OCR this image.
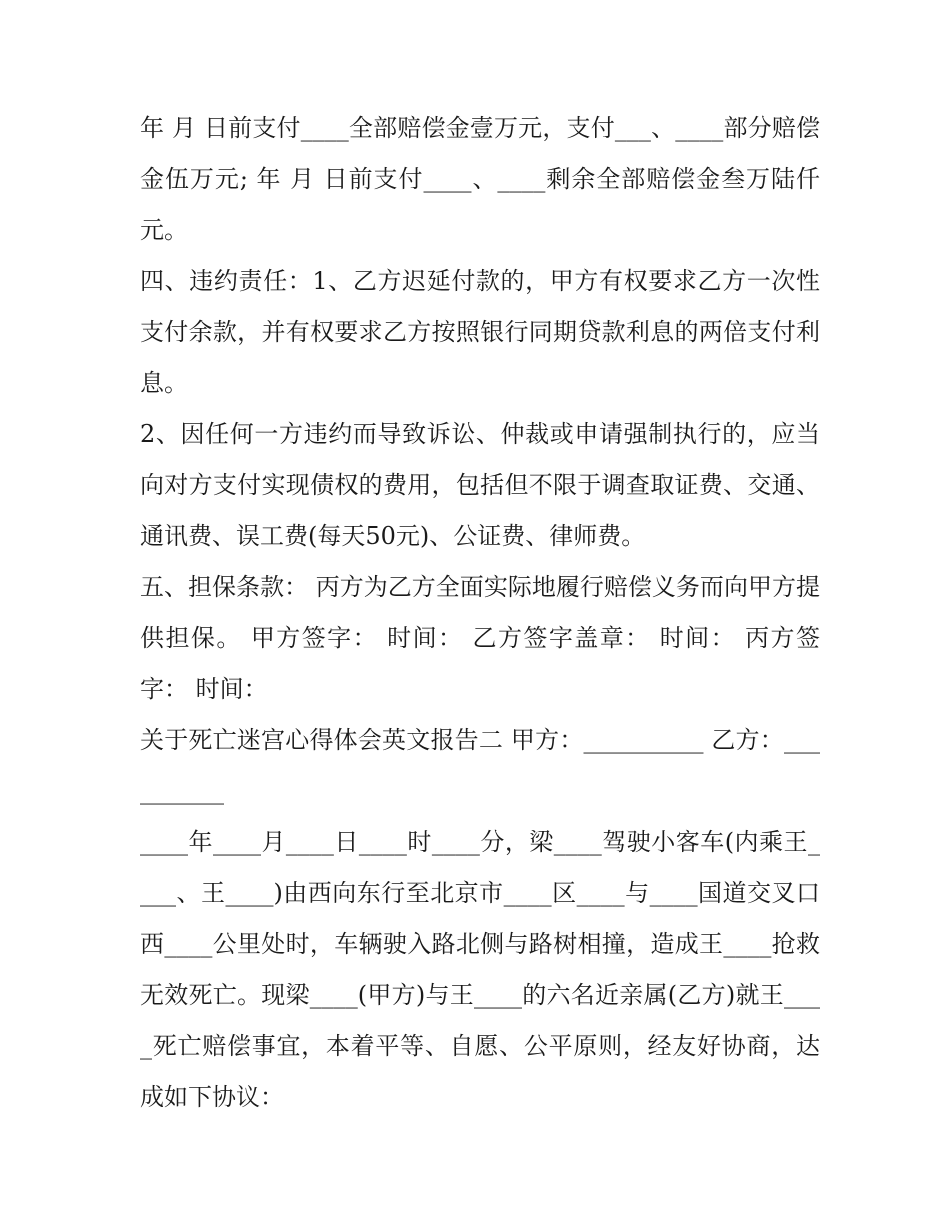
年 月 日前支付____全部赔偿金壹万元，支付___、____部分赔偿金伍万元; 年 月 日前支付____、____剩余全部赔偿金叁万陆仟元。

四、违约责任：1、乙方迟延付款的，甲方有权要求乙方一次性支付余款，并有权要求乙方按照银行同期贷款利息的两倍支付利息。

2、因任何一方违约而导致诉讼、仲裁或申请强制执行的，应当向对方支付实现债权的费用，包括但不限于调查取证费、交通、通讯费、误工费(每天50元)、公证费、律师费。

五、担保条款： 丙方为乙方全面实际地履行赔偿义务而向甲方提供担保。 甲方签字： 时间： 乙方签字盖章： 时间： 丙方签字： 时间：

关于死亡迷宫心得体会英文报告二 甲方：__________ 乙方：__________

____年____月____日____时____分，梁____驾驶小客车(内乘王____、王____)由西向东行至北京市____区____与____国道交叉口西____公里处时，车辆驶入路北侧与路树相撞，造成王____抢救无效死亡。现梁____(甲方)与王____的六名近亲属(乙方)就王____死亡赔偿事宜，本着平等、自愿、公平原则，经友好协商，达成如下协议：
